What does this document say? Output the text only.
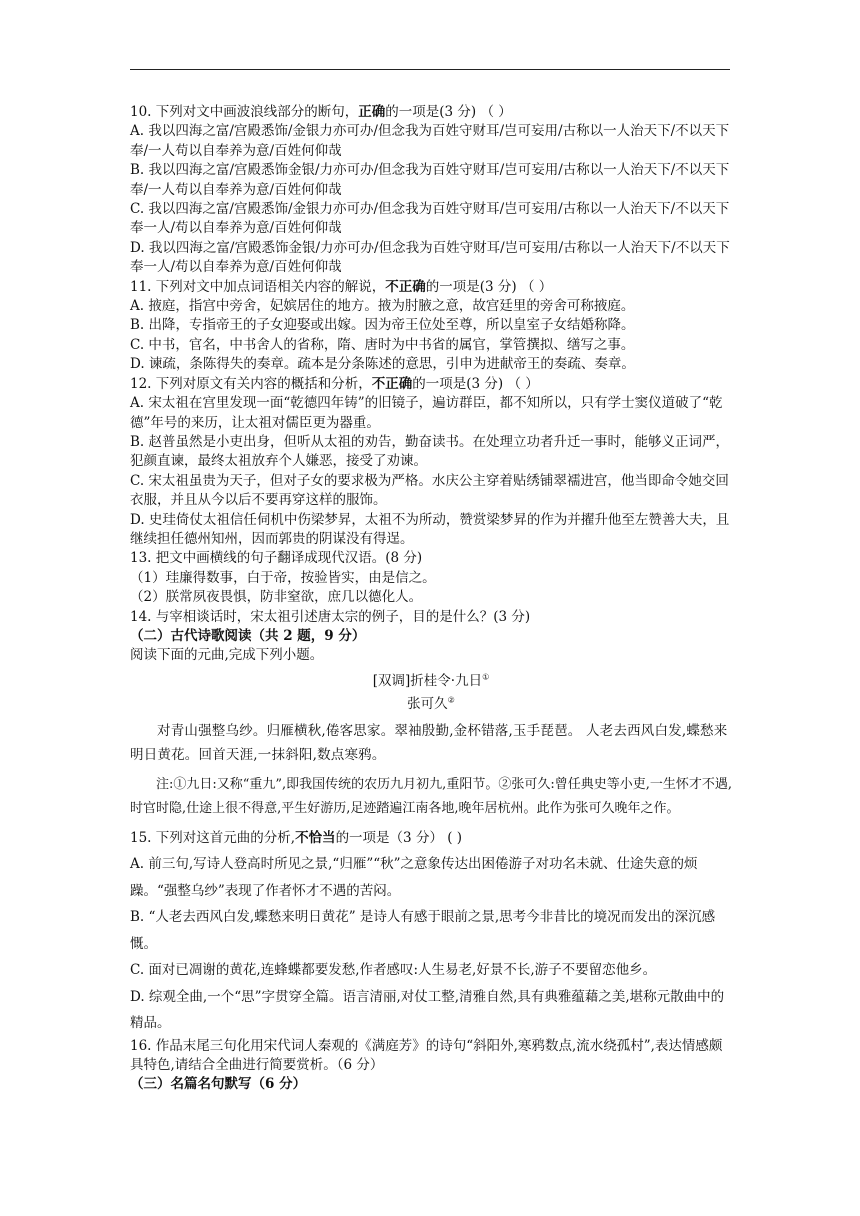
10. 下列对文中画波浪线部分的断句，正确的一项是(3 分) （ ）

A. 我以四海之富/宫殿悉饰/金银力亦可办/但念我为百姓守财耳/岂可妄用/古称以一人治天下/不以天下奉/一人苟以自奉养为意/百姓何仰哉

B. 我以四海之富/宫殿悉饰金银/力亦可办/但念我为百姓守财耳/岂可妄用/古称以一人治天下/不以天下奉/一人苟以自奉养为意/百姓何仰哉

C. 我以四海之富/宫殿悉饰/金银力亦可办/但念我为百姓守财耳/岂可妄用/古称以一人治天下/不以天下奉一人/苟以自奉养为意/百姓何仰哉

D. 我以四海之富/宫殿悉饰金银/力亦可办/但念我为百姓守财耳/岂可妄用/古称以一人治天下/不以天下奉一人/苟以自奉养为意/百姓何仰哉

11. 下列对文中加点词语相关内容的解说，不正确的一项是(3 分) （ ）

A. 掖庭，指宫中旁舍，妃嫔居住的地方。掖为肘腋之意，故宫廷里的旁舍可称掖庭。

B. 出降，专指帝王的子女迎娶或出嫁。因为帝王位处至尊，所以皇室子女结婚称降。

C. 中书，官名，中书舍人的省称，隋、唐时为中书省的属官，掌管撰拟、缮写之事。

D. 谏疏，条陈得失的奏章。疏本是分条陈述的意思，引申为进献帝王的奏疏、奏章。

12. 下列对原文有关内容的概括和分析，不正确的一项是(3 分) （ ）

A. 宋太祖在宫里发现一面“乾德四年铸”的旧镜子，遍访群臣，都不知所以，只有学士窦仪道破了“乾德”年号的来历，让太祖对儒臣更为器重。

B. 赵普虽然是小吏出身，但听从太祖的劝告，勤奋读书。在处理立功者升迁一事时，能够义正词严，犯颜直谏，最终太祖放弃个人嫌恶，接受了劝谏。

C. 宋太祖虽贵为天子，但对子女的要求极为严格。水庆公主穿着贴绣铺翠襦进宫，他当即命令她交回衣服，并且从今以后不要再穿这样的服饰。

D. 史珪倚仗太祖信任伺机中伤梁梦昇，太祖不为所动，赞赏梁梦昇的作为并擢升他至左赞善大夫，且继续担任德州知州，因而郭贵的阴谋没有得逞。

13. 把文中画横线的句子翻译成现代汉语。(8 分)

（1）珪廉得数事，白于帝，按验皆实，由是信之。

（2）朕常夙夜畏惧，防非窒欲，庶几以德化人。

14. 与宰相谈话时，宋太祖引述唐太宗的例子，目的是什么？(3 分)

（二）古代诗歌阅读（共 2 题，9 分）

阅读下面的元曲,完成下列小题。

[双调]折桂令·九日①

张可久②

对青山强整乌纱。归雁横秋,倦客思家。翠袖殷勤,金杯错落,玉手琵琶。 人老去西风白发,蝶愁来明日黄花。回首天涯,一抹斜阳,数点寒鸦。

注:①九日:又称“重九”,即我国传统的农历九月初九,重阳节。②张可久:曾任典史等小吏,一生怀才不遇,时官时隐,仕途上很不得意,平生好游历,足迹踏遍江南各地,晚年居杭州。此作为张可久晚年之作。

15. 下列对这首元曲的分析,不恰当的一项是（3 分） ( )

A. 前三句,写诗人登高时所见之景,“归雁”“秋”之意象传达出困倦游子对功名未就、仕途失意的烦躁。“强整乌纱”表现了作者怀才不遇的苦闷。

B. “人老去西风白发,蝶愁来明日黄花” 是诗人有感于眼前之景,思考今非昔比的境况而发出的深沉感慨。

C. 面对已凋谢的黄花,连蜂蝶都要发愁,作者感叹:人生易老,好景不长,游子不要留恋他乡。

D. 综观全曲,一个“思”字贯穿全篇。语言清丽,对仗工整,清雅自然,具有典雅蕴藉之美,堪称元散曲中的精品。

16. 作品末尾三句化用宋代词人秦观的《满庭芳》的诗句“斜阳外,寒鸦数点,流水绕孤村”,表达情感颇具特色,请结合全曲进行简要赏析。（6 分）

（三）名篇名句默写（6 分）
